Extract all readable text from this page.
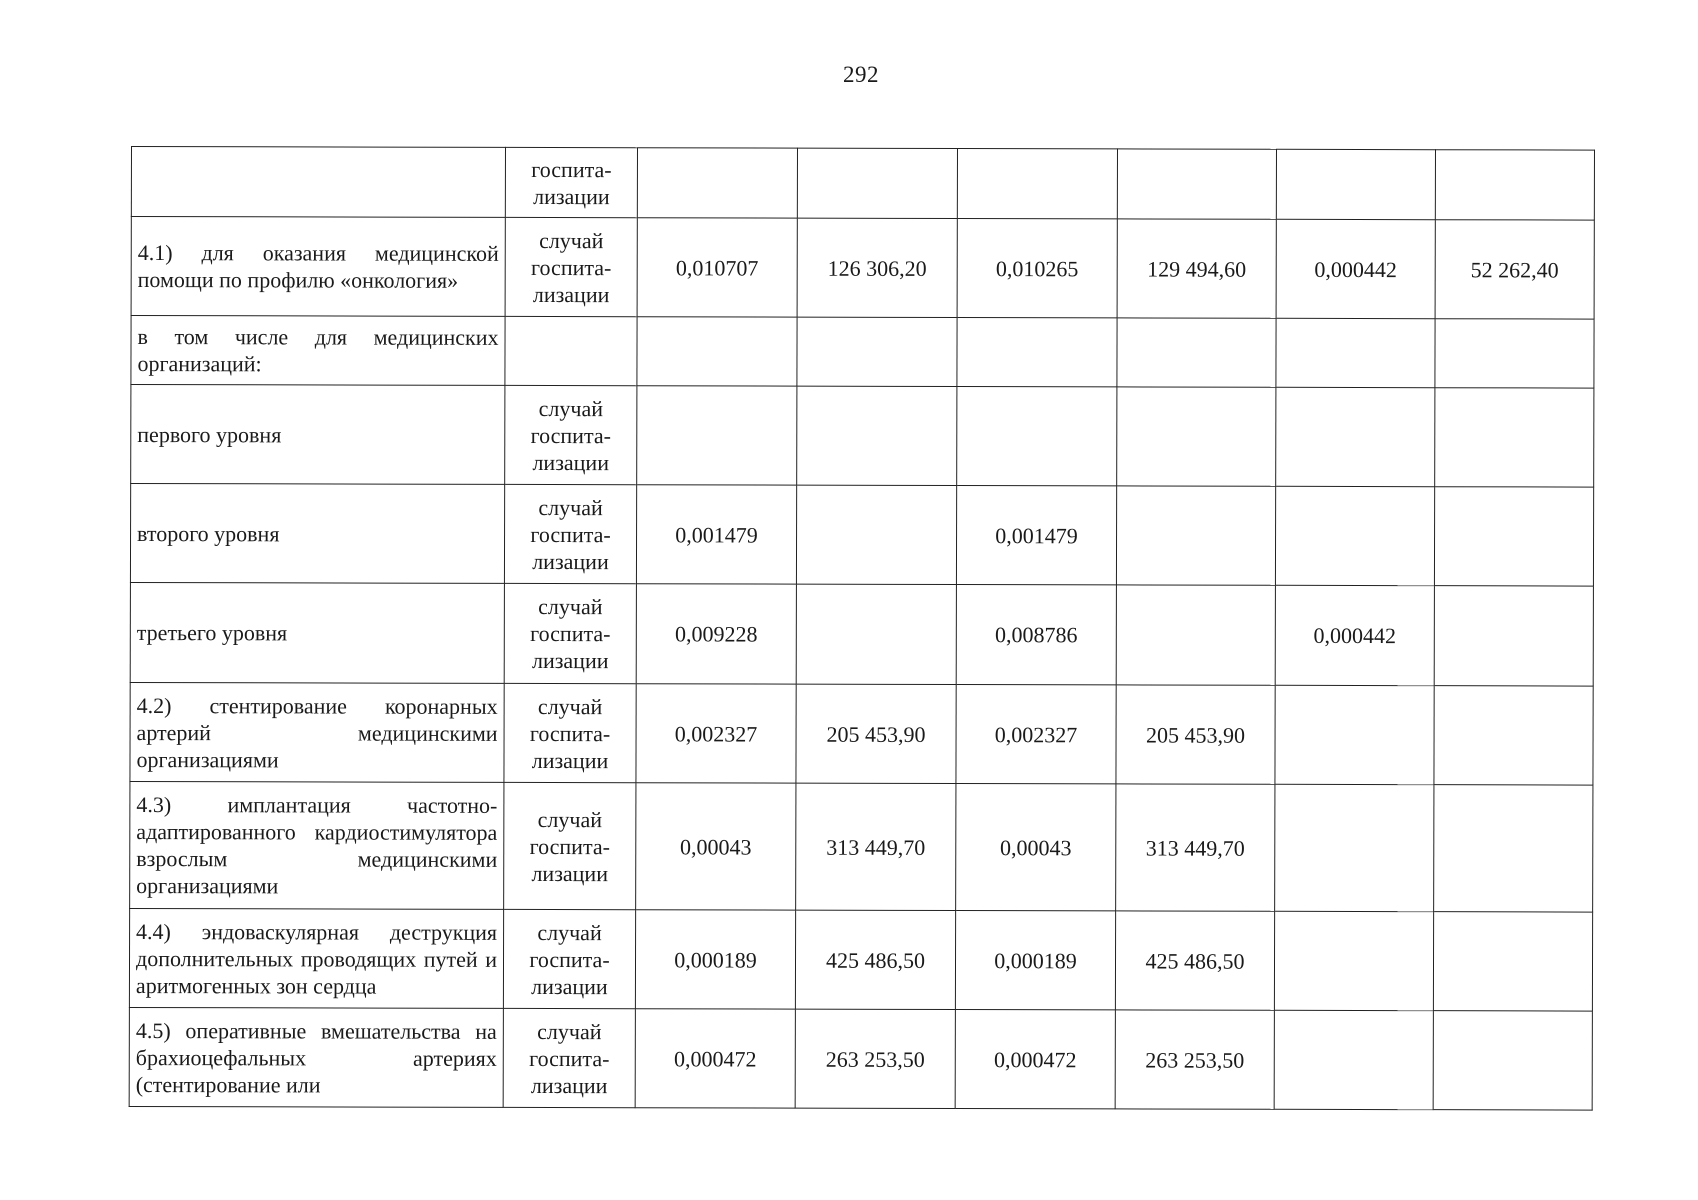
292

	госпита-
лизации						

4.1) для оказания медицинской помощи по профилю «онкология»	случай
госпита-
лизации	0,010707	126 306,20	0,010265	129 494,60	0,000442	52 262,40
в том числе для медицинских организаций:							
первого уровня	случай
госпита-
лизации						

второго уровня	случай
госпита-
лизации	0,001479		0,001479			
третьего уровня	случай
госпита-
лизации	0,009228		0,008786		0,000442	
4.2) стентирование коронарных артерий медицинскими организациями	случай
госпита-
лизации	0,002327	205 453,90	0,002327	205 453,90		
4.3) имплантация частотно-адаптированного кардиостимулятора взрослым медицинскими организациями	случай
госпита-
лизации	0,00043	313 449,70	0,00043	313 449,70		
4.4) эндоваскулярная деструкция дополнительных проводящих путей и аритмогенных зон сердца	случай
госпита-
лизации	0,000189	425 486,50	0,000189	425 486,50		
4.5) оперативные вмешательства на брахиоцефальных артериях (стентирование или	случай
госпита-
лизации	0,000472	263 253,50	0,000472	263 253,50		
